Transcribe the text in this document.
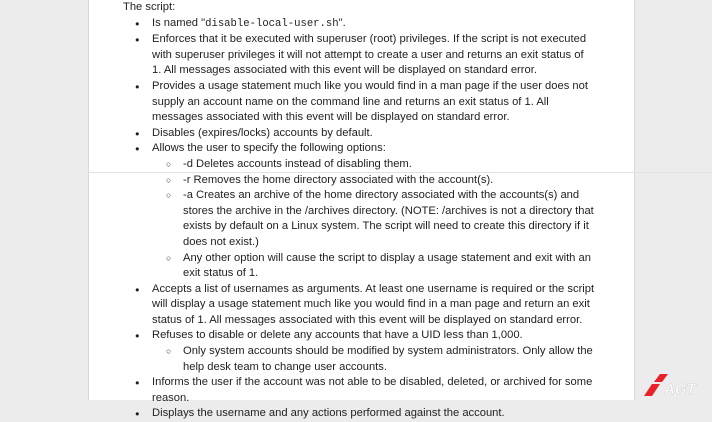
The script:

● Is named "disable-local-user.sh".
● Enforces that it be executed with superuser (root) privileges. If the script is not executed with superuser privileges it will not attempt to create a user and returns an exit status of 1. All messages associated with this event will be displayed on standard error.
● Provides a usage statement much like you would find in a man page if the user does not supply an account name on the command line and returns an exit status of 1. All messages associated with this event will be displayed on standard error.
● Disables (expires/locks) accounts by default.
● Allows the user to specify the following options:
○ -d Deletes accounts instead of disabling them.
○ -r Removes the home directory associated with the account(s).
○ -a Creates an archive of the home directory associated with the accounts(s) and stores the archive in the /archives directory. (NOTE: /archives is not a directory that exists by default on a Linux system. The script will need to create this directory if it does not exist.)
○ Any other option will cause the script to display a usage statement and exit with an exit status of 1.
● Accepts a list of usernames as arguments. At least one username is required or the script will display a usage statement much like you would find in a man page and return an exit status of 1. All messages associated with this event will be displayed on standard error.
● Refuses to disable or delete any accounts that have a UID less than 1,000.
○ Only system accounts should be modified by system administrators. Only allow the help desk team to change user accounts.
● Informs the user if the account was not able to be disabled, deleted, or archived for some reason.
● Displays the username and any actions performed against the account.
AGT
